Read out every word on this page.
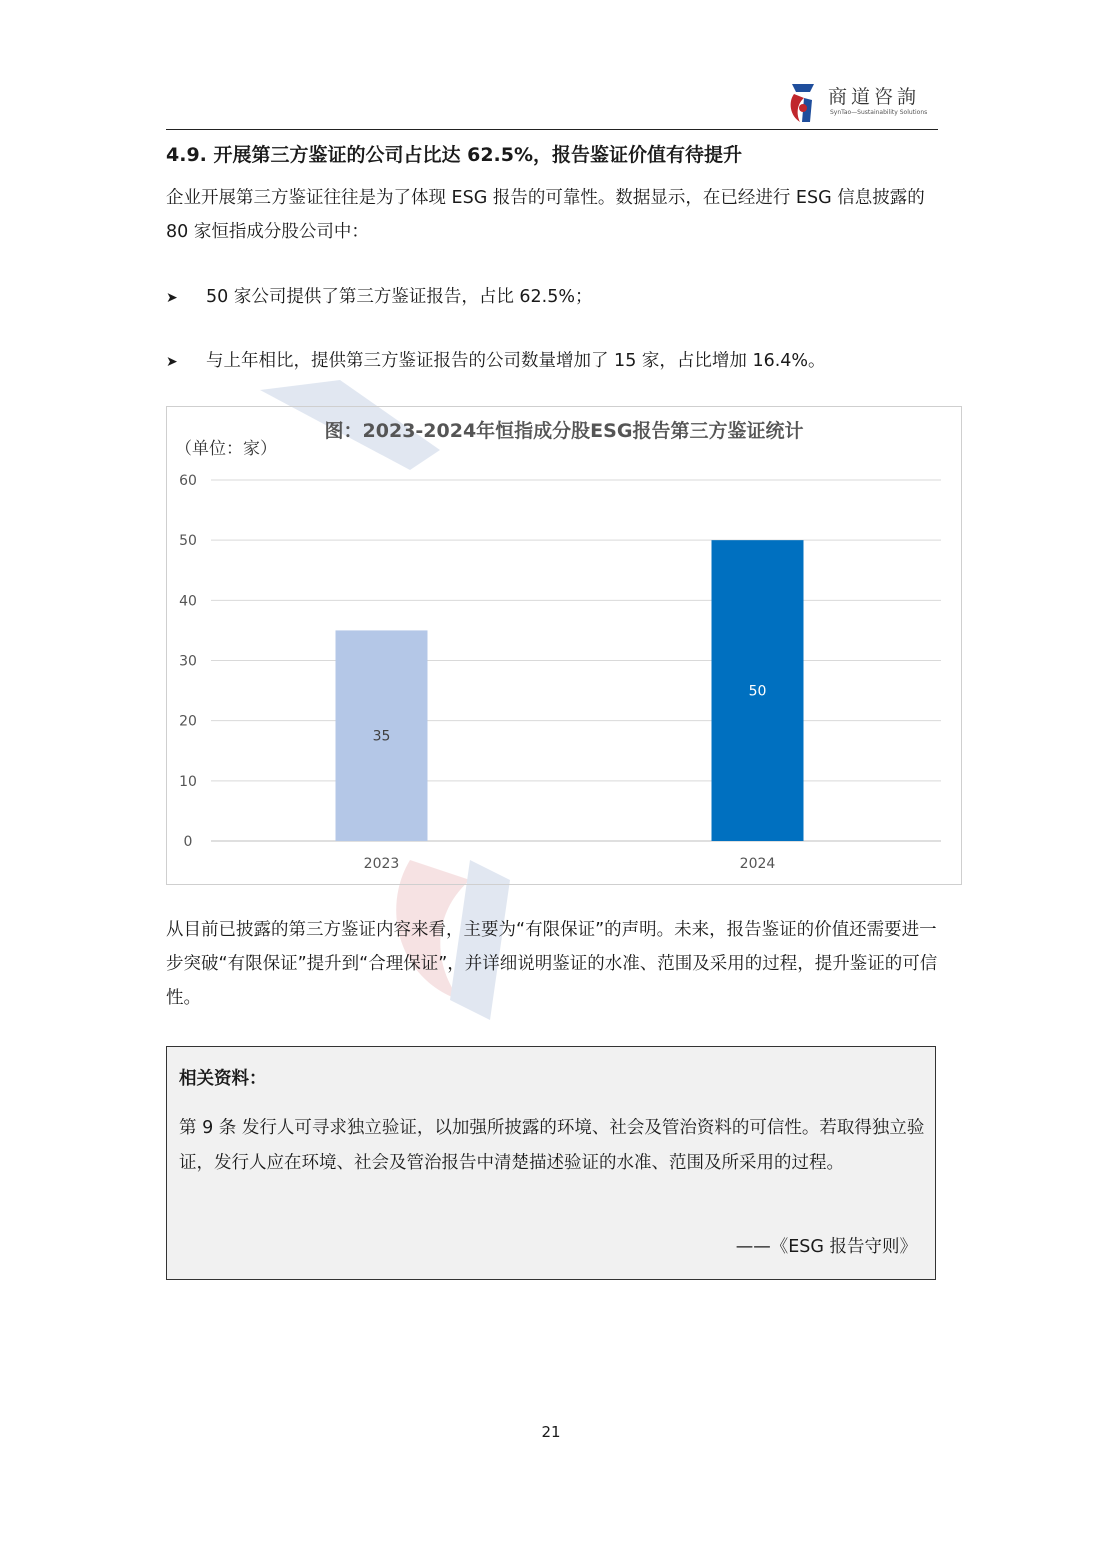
商道咨詢
SynTao—Sustainability Solutions
4.9. 开展第三方鉴证的公司占比达 62.5%，报告鉴证价值有待提升

企业开展第三方鉴证往往是为了体现 ESG 报告的可靠性。数据显示，在已经进行 ESG 信息披露的 80 家恒指成分股公司中：

➤ 50 家公司提供了第三方鉴证报告，占比 62.5%；
➤ 与上年相比，提供第三方鉴证报告的公司数量增加了 15 家，占比增加 16.4%。
图：2023-2024年恒指成分股ESG报告第三方鉴证统计
（单位：家）
0
10
20
30
40
50
60
35
2023
50
2024

从目前已披露的第三方鉴证内容来看，主要为“有限保证”的声明。未来，报告鉴证的价值还需要进一步突破“有限保证”提升到“合理保证”，并详细说明鉴证的水准、范围及采用的过程，提升鉴证的可信性。

相关资料：

第 9 条 发行人可寻求独立验证，以加强所披露的环境、社会及管治资料的可信性。若取得独立验证，发行人应在环境、社会及管治报告中清楚描述验证的水准、范围及所采用的过程。

——《ESG 报告守则》
21
